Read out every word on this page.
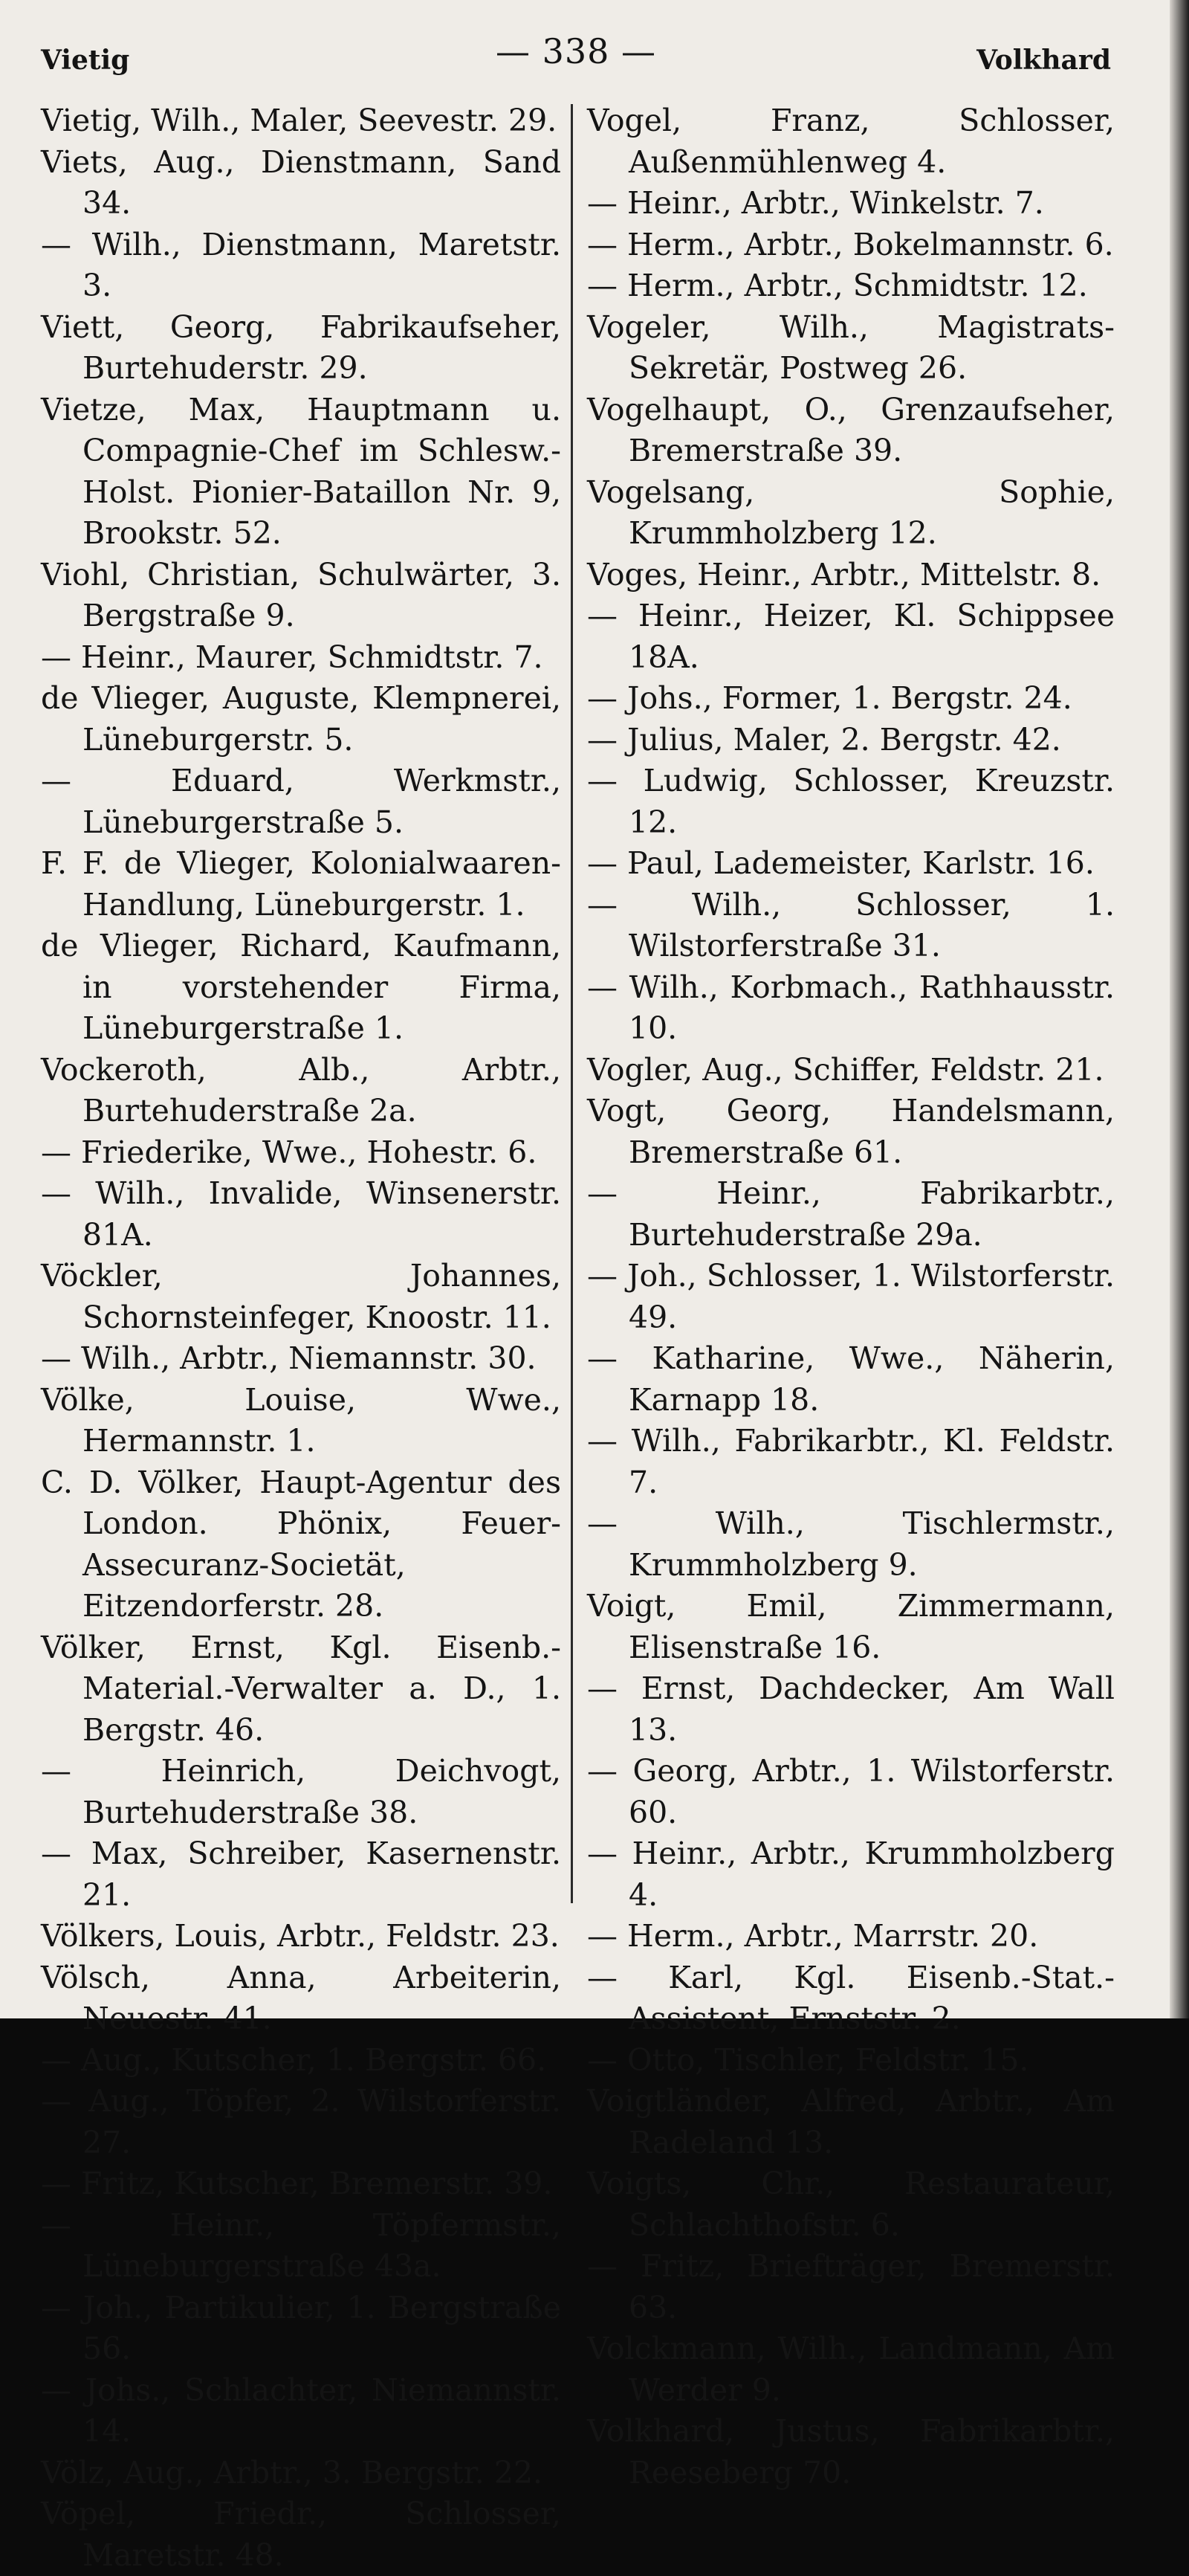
Vietig	— 338 —	Volkhard

Vietig, Wilh., Maler, Seevestr. 29.

Viets, Aug., Dienstmann, Sand 34.

— Wilh., Dienstmann, Maretstr. 3.

Viett, Georg, Fabrikaufseher, Burtehuderstr. 29.

Vietze, Max, Hauptmann u. Compagnie-Chef im Schlesw.-Holst. Pionier-Bataillon Nr. 9, Brookstr. 52.

Viohl, Christian, Schulwärter, 3. Bergstraße 9.

— Heinr., Maurer, Schmidtstr. 7.

de Vlieger, Auguste, Klempnerei, Lüneburgerstr. 5.

— Eduard, Werkmstr., Lüneburgerstraße 5.

F. F. de Vlieger, Kolonialwaaren-Handlung, Lüneburgerstr. 1.

de Vlieger, Richard, Kaufmann, in vorstehender Firma, Lüneburgerstraße 1.

Vockeroth, Alb., Arbtr., Burtehuderstraße 2a.

— Friederike, Wwe., Hohestr. 6.

— Wilh., Invalide, Winsenerstr. 81A.

Vöckler, Johannes, Schornsteinfeger, Knoostr. 11.

— Wilh., Arbtr., Niemannstr. 30.

Völke, Louise, Wwe., Hermannstr. 1.

C. D. Völker, Haupt-Agentur des London. Phönix, Feuer-Assecuranz-Societät, Eitzendorferstr. 28.

Völker, Ernst, Kgl. Eisenb.-Material.-Verwalter a. D., 1. Bergstr. 46.

— Heinrich, Deichvogt, Burtehuderstraße 38.

— Max, Schreiber, Kasernenstr. 21.

Völkers, Louis, Arbtr., Feldstr. 23.

Völsch, Anna, Arbeiterin, Neuestr. 41.

— Aug., Kutscher, 1. Bergstr. 66.

— Aug., Töpfer, 2. Wilstorferstr. 27.

— Fritz, Kutscher, Bremerstr. 39.

— Heinr., Töpfermstr., Lüneburgerstraße 43a.

— Joh., Partikulier, 1. Bergstraße 56.

— Johs., Schlachter, Niemannstr. 14.

Völz, Aug., Arbtr., 3. Bergstr. 22.

Vöpel, Friedr., Schlosser, Maretstr. 48.

Vogel, Franz, Schlosser, Außenmühlenweg 4.

— Heinr., Arbtr., Winkelstr. 7.

— Herm., Arbtr., Bokelmannstr. 6.

— Herm., Arbtr., Schmidtstr. 12.

Vogeler, Wilh., Magistrats-Sekretär, Postweg 26.

Vogelhaupt, O., Grenzaufseher, Bremerstraße 39.

Vogelsang, Sophie, Krummholzberg 12.

Voges, Heinr., Arbtr., Mittelstr. 8.

— Heinr., Heizer, Kl. Schippsee 18A.

— Johs., Former, 1. Bergstr. 24.

— Julius, Maler, 2. Bergstr. 42.

— Ludwig, Schlosser, Kreuzstr. 12.

— Paul, Lademeister, Karlstr. 16.

— Wilh., Schlosser, 1. Wilstorferstraße 31.

— Wilh., Korbmach., Rathhausstr. 10.

Vogler, Aug., Schiffer, Feldstr. 21.

Vogt, Georg, Handelsmann, Bremerstraße 61.

— Heinr., Fabrikarbtr., Burtehuderstraße 29a.

— Joh., Schlosser, 1. Wilstorferstr. 49.

— Katharine, Wwe., Näherin, Karnapp 18.

— Wilh., Fabrikarbtr., Kl. Feldstr. 7.

— Wilh., Tischlermstr., Krummholzberg 9.

Voigt, Emil, Zimmermann, Elisenstraße 16.

— Ernst, Dachdecker, Am Wall 13.

— Georg, Arbtr., 1. Wilstorferstr. 60.

— Heinr., Arbtr., Krummholzberg 4.

— Herm., Arbtr., Marrstr. 20.

— Karl, Kgl. Eisenb.-Stat.-Assistent, Ernststr. 2.

— Otto, Tischler, Feldstr. 15.

Voigtländer, Alfred, Arbtr., Am Radeland 13.

Voigts, Chr., Restaurateur, Schlachthofstr. 6.

— Fritz, Briefträger, Bremerstr. 63.

Volckmann, Wilh., Landmann, Am Werder 9.

Volkhard, Justus, Fabrikarbtr., Reeseberg 70.
